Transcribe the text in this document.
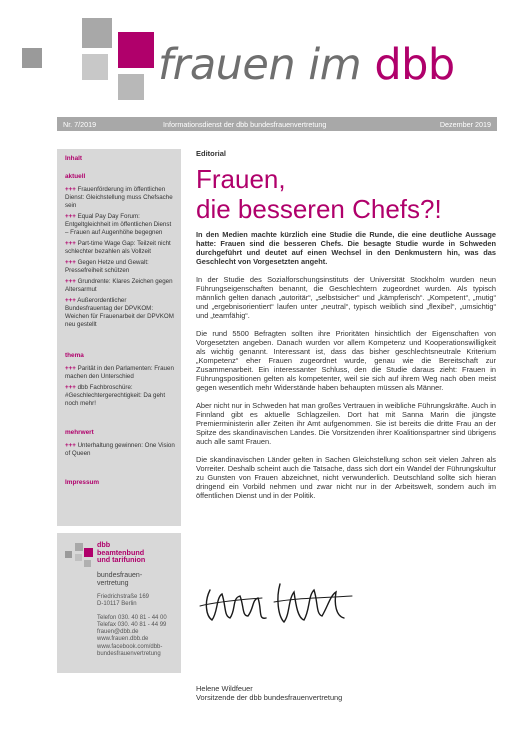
frauen im dbb
Nr. 7/2019	Informationsdienst der dbb bundesfrauenvertretung	Dezember 2019
Inhalt
aktuell
+++ Frauenförderung im öffentlichen Dienst: Gleichstellung muss Chefsache sein
+++ Equal Pay Day Forum: Entgeltgleichheit im öffentlichen Dienst – Frauen auf Augenhöhe begegnen
+++ Part-time Wage Gap: Teilzeit nicht schlechter bezahlen als Vollzeit
+++ Gegen Hetze und Gewalt: Pressefreiheit schützen
+++ Grundrente: Klares Zeichen gegen Altersarmut
+++ Außerordentlicher Bundesfrauentag der DPVKOM: Weichen für Frauenarbeit der DPVKOM neu gestellt
thema
+++ Parität in den Parlamenten: Frauen machen den Unterschied
+++ dbb Fachbroschüre: #Geschlechtergerechtigkeit: Da geht noch mehr!
mehrwert
+++ Unterhaltung gewinnen: One Vision of Queen
Impressum
dbb
beamtenbund
und tarifunion
bundesfrauen-
vertretung
Friedrichstraße 169
D-10117 Berlin
Telefon 030. 40 81 - 44 00
Telefax 030. 40 81 - 44 99
frauen@dbb.de
www.frauen.dbb.de
www.facebook.com/dbb-
bundesfrauenvertretung
Editorial
Frauen,
die besseren Chefs?!

In den Medien machte kürzlich eine Studie die Runde, die eine deutliche Aussage hatte: Frauen sind die besseren Chefs. Die besagte Studie wurde in Schweden durchgeführt und deutet auf einen Wechsel in den Denkmustern hin, was das Geschlecht von Vorgesetzten angeht.

In der Studie des Sozialforschungsinstituts der Universität Stockholm wurden neun Führungseigenschaften benannt, die Geschlechtern zugeordnet wurden. Als typisch männlich gelten danach „autoritär“, „selbstsicher“ und „kämpferisch“. „Kompetent“, „mutig“ und „ergebnisorientiert“ laufen unter „neutral“, typisch weiblich sind „flexibel“, „umsichtig“ und „teamfähig“.

Die rund 5500 Befragten sollten ihre Prioritäten hinsichtlich der Eigenschaften von Vorgesetzten angeben. Danach wurden vor allem Kompetenz und Kooperationswilligkeit als wichtig genannt. Interessant ist, dass das bisher geschlechtsneutrale Kriterium „Kompetenz“ eher Frauen zugeordnet wurde, genau wie die Bereitschaft zur Zusammenarbeit. Ein interessanter Schluss, den die Studie daraus zieht: Frauen in Führungspositionen gelten als kompetenter, weil sie sich auf ihrem Weg nach oben meist gegen wesentlich mehr Widerstände haben behaupten müssen als Männer.

Aber nicht nur in Schweden hat man großes Vertrauen in weibliche Führungskräfte. Auch in Finnland gibt es aktuelle Schlagzeilen. Dort hat mit Sanna Marin die jüngste Premierministerin aller Zeiten ihr Amt aufgenommen. Sie ist bereits die dritte Frau an der Spitze des skandinavischen Landes. Die Vorsitzenden ihrer Koalitionspartner sind übrigens auch alle samt Frauen.

Die skandinavischen Länder gelten in Sachen Gleichstellung schon seit vielen Jahren als Vorreiter. Deshalb scheint auch die Tatsache, dass sich dort ein Wandel der Führungskultur zu Gunsten von Frauen abzeichnet, nicht verwunderlich. Deutschland sollte sich hieran dringend ein Vorbild nehmen und zwar nicht nur in der Arbeitswelt, sondern auch im öffentlichen Dienst und in der Politik.

Helene Wildfeuer
Vorsitzende der dbb bundesfrauenvertretung
